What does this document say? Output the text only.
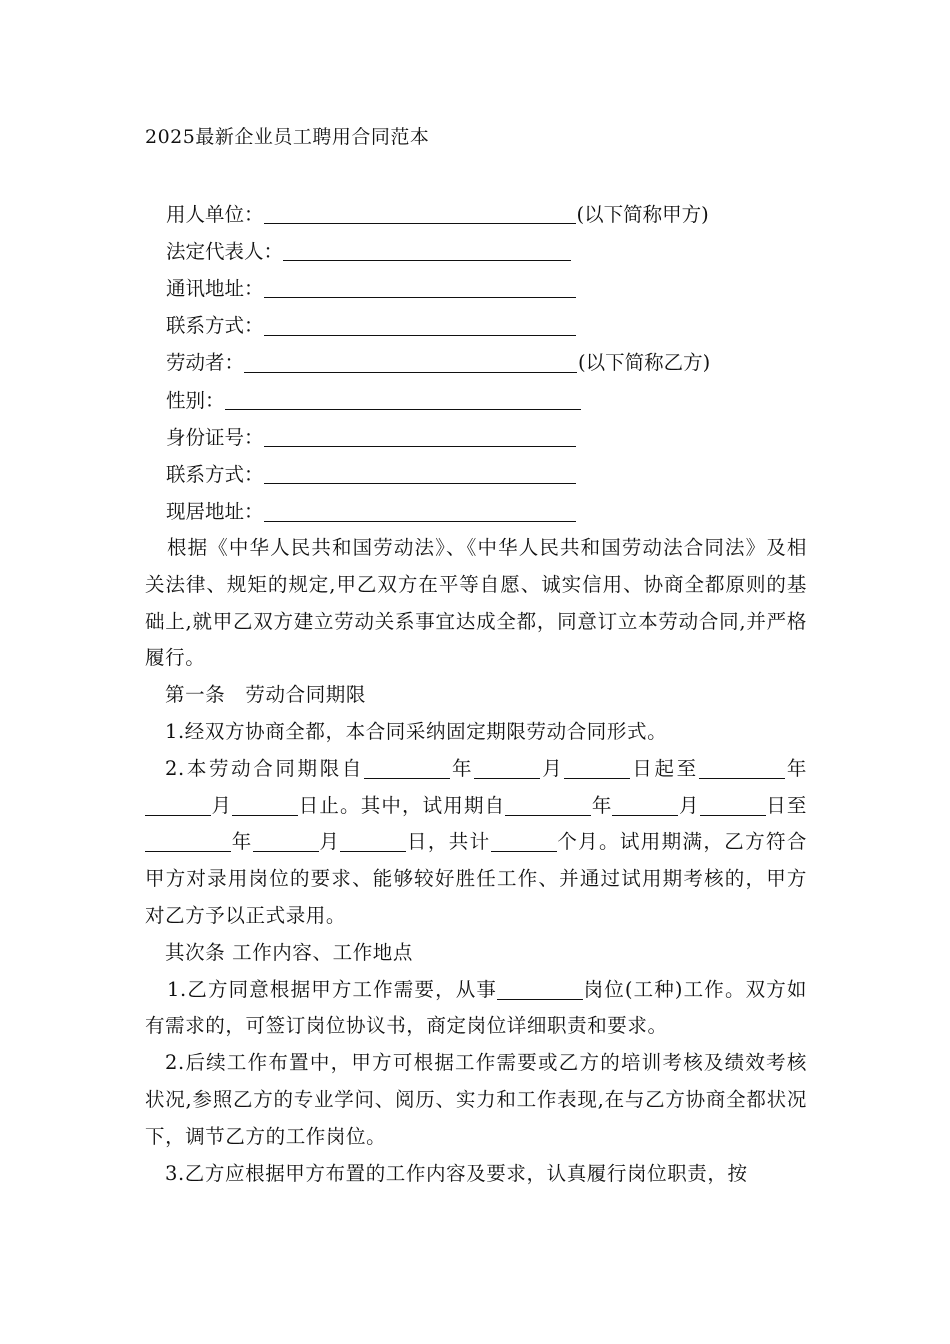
2025最新企业员工聘用合同范本
用人单位：	(以下简称甲方)
法定代表人：
通讯地址：
联系方式：
劳动者：	(以下简称乙方)
性别：
身份证号：
联系方式：
现居地址：
根据《中华人民共和国劳动法》、《中华人民共和国劳动法合同法》及相关法律、规矩的规定,甲乙双方在平等自愿、诚实信用、协商全都原则的基础上,就甲乙双方建立劳动关系事宜达成全都，同意订立本劳动合同,并严格履行。
第一条　劳动合同期限
1.经双方协商全都，本合同采纳固定期限劳动合同形式。
2.本劳动合同期限自	年	月	日起至	年月	日止。其中，试用期自	年	月	日至年	月	日，共计	个月。试用期满，乙方符合甲方对录用岗位的要求、能够较好胜任工作、并通过试用期考核的，甲方对乙方予以正式录用。
其次条 工作内容、工作地点
1.乙方同意根据甲方工作需要，从事	岗位(工种)工作。双方如有需求的，可签订岗位协议书，商定岗位详细职责和要求。
2.后续工作布置中，甲方可根据工作需要或乙方的培训考核及绩效考核状况,参照乙方的专业学问、阅历、实力和工作表现,在与乙方协商全都状况下，调节乙方的工作岗位。
3.乙方应根据甲方布置的工作内容及要求，认真履行岗位职责，按
